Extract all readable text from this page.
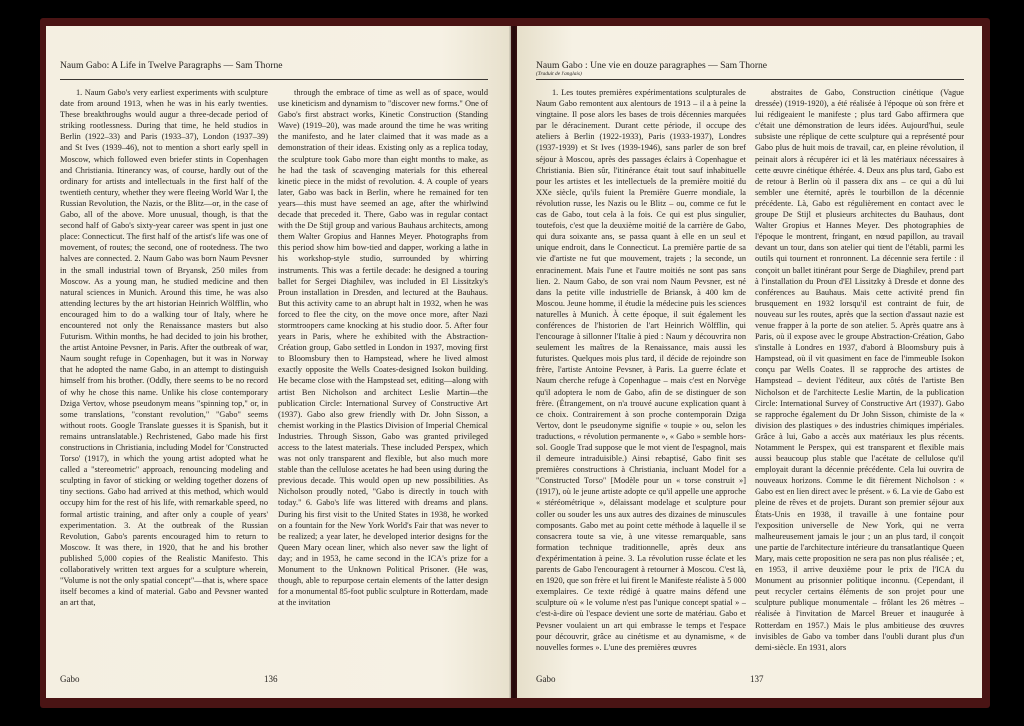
Naum Gabo: A Life in Twelve Paragraphs — Sam Thorne

1. Naum Gabo's very earliest experiments with sculpture date from around 1913, when he was in his early twenties. These breakthroughs would augur a three-decade period of striking rootlessness. During that time, he held studios in Berlin (1922–33) and Paris (1933–37), London (1937–39) and St Ives (1939–46), not to mention a short early spell in Moscow, which followed even briefer stints in Copenhagen and Christiania. Itinerancy was, of course, hardly out of the ordinary for artists and intellectuals in the first half of the twentieth century, whether they were fleeing World War I, the Russian Revolution, the Nazis, or the Blitz—or, in the case of Gabo, all of the above. More unusual, though, is that the second half of Gabo's sixty-year career was spent in just one place: Connecticut. The first half of the artist's life was one of movement, of routes; the second, one of rootedness. The two halves are connected. 2. Naum Gabo was born Naum Pevsner in the small industrial town of Bryansk, 250 miles from Moscow. As a young man, he studied medicine and then natural sciences in Munich. Around this time, he was also attending lectures by the art historian Heinrich Wölfflin, who encouraged him to do a walking tour of Italy, where he encountered not only the Renaissance masters but also Futurism. Within months, he had decided to join his brother, the artist Antoine Pevsner, in Paris. After the outbreak of war, Naum sought refuge in Copenhagen, but it was in Norway that he adopted the name Gabo, in an attempt to distinguish himself from his brother. (Oddly, there seems to be no record of why he chose this name. Unlike his close contemporary Dziga Vertov, whose pseudonym means "spinning top," or, in some translations, "constant revolution," "Gabo" seems without roots. Google Translate guesses it is Spanish, but it remains untranslatable.) Rechristened, Gabo made his first constructions in Christiania, including Model for 'Constructed Torso' (1917), in which the young artist adopted what he called a "stereometric" approach, renouncing modeling and sculpting in favor of sticking or welding together dozens of tiny sections. Gabo had arrived at this method, which would occupy him for the rest of his life, with remarkable speed, no formal artistic training, and after only a couple of years' experimentation. 3. At the outbreak of the Russian Revolution, Gabo's parents encouraged him to return to Moscow. It was there, in 1920, that he and his brother published 5,000 copies of the Realistic Manifesto. This collaboratively written text argues for a sculpture wherein, "Volume is not the only spatial concept"—that is, where space itself becomes a kind of material. Gabo and Pevsner wanted an art that,

through the embrace of time as well as of space, would use kineticism and dynamism to "discover new forms." One of Gabo's first abstract works, Kinetic Construction (Standing Wave) (1919–20), was made around the time he was writing the manifesto, and he later claimed that it was made as a demonstration of their ideas. Existing only as a replica today, the sculpture took Gabo more than eight months to make, as he had the task of scavenging materials for this ethereal kinetic piece in the midst of revolution. 4. A couple of years later, Gabo was back in Berlin, where he remained for ten years—this must have seemed an age, after the whirlwind decade that preceded it. There, Gabo was in regular contact with the De Stijl group and various Bauhaus architects, among them Walter Gropius and Hannes Meyer. Photographs from this period show him bow-tied and dapper, working a lathe in his workshop-style studio, surrounded by whirring instruments. This was a fertile decade: he designed a touring ballet for Sergei Diaghilev, was included in El Lissitzky's Proun installation in Dresden, and lectured at the Bauhaus. But this activity came to an abrupt halt in 1932, when he was forced to flee the city, on the move once more, after Nazi stormtroopers came knocking at his studio door. 5. After four years in Paris, where he exhibited with the Abstraction-Création group, Gabo settled in London in 1937, moving first to Bloomsbury then to Hampstead, where he lived almost exactly opposite the Wells Coates-designed Isokon building. He became close with the Hampstead set, editing—along with artist Ben Nicholson and architect Leslie Martin—the publication Circle: International Survey of Constructive Art (1937). Gabo also grew friendly with Dr. John Sisson, a chemist working in the Plastics Division of Imperial Chemical Industries. Through Sisson, Gabo was granted privileged access to the latest materials. These included Perspex, which was not only transparent and flexible, but also much more stable than the cellulose acetates he had been using during the previous decade. This would open up new possibilities. As Nicholson proudly noted, "Gabo is directly in touch with today." 6. Gabo's life was littered with dreams and plans. During his first visit to the United States in 1938, he worked on a fountain for the New York World's Fair that was never to be realized; a year later, he developed interior designs for the Queen Mary ocean liner, which also never saw the light of day; and in 1953, he came second in the ICA's prize for a Monument to the Unknown Political Prisoner. (He was, though, able to repurpose certain elements of the latter design for a monumental 85-foot public sculpture in Rotterdam, made at the invitation

Gabo	136
Naum Gabo : Une vie en douze paragraphes — Sam Thorne
(Traduit de l'anglais)

1. Les toutes premières expérimentations sculpturales de Naum Gabo remontent aux alentours de 1913 – il a à peine la vingtaine. Il pose alors les bases de trois décennies marquées par le déracinement. Durant cette période, il occupe des ateliers à Berlin (1922-1933), Paris (1933-1937), Londres (1937-1939) et St Ives (1939-1946), sans parler de son bref séjour à Moscou, après des passages éclairs à Copenhague et Christiania. Bien sûr, l'itinérance était tout sauf inhabituelle pour les artistes et les intellectuels de la première moitié du XXe siècle, qu'ils fuient la Première Guerre mondiale, la révolution russe, les Nazis ou le Blitz – ou, comme ce fut le cas de Gabo, tout cela à la fois. Ce qui est plus singulier, toutefois, c'est que la deuxième moitié de la carrière de Gabo, qui dura soixante ans, se passa quant à elle en un seul et unique endroit, dans le Connecticut. La première partie de sa vie d'artiste ne fut que mouvement, trajets ; la seconde, un enracinement. Mais l'une et l'autre moitiés ne sont pas sans lien. 2. Naum Gabo, de son vrai nom Naum Pevsner, est né dans la petite ville industrielle de Briansk, à 400 km de Moscou. Jeune homme, il étudie la médecine puis les sciences naturelles à Munich. À cette époque, il suit également les conférences de l'historien de l'art Heinrich Wölfflin, qui l'encourage à sillonner l'Italie à pied : Naum y découvrira non seulement les maîtres de la Renaissance, mais aussi les futuristes. Quelques mois plus tard, il décide de rejoindre son frère, l'artiste Antoine Pevsner, à Paris. La guerre éclate et Naum cherche refuge à Copenhague – mais c'est en Norvège qu'il adoptera le nom de Gabo, afin de se distinguer de son frère. (Étrangement, on n'a trouvé aucune explication quant à ce choix. Contrairement à son proche contemporain Dziga Vertov, dont le pseudonyme signifie « toupie » ou, selon les traductions, « révolution permanente », « Gabo » semble hors-sol. Google Trad suppose que le mot vient de l'espagnol, mais il demeure intraduisible.) Ainsi rebaptisé, Gabo finit ses premières constructions à Christiania, incluant Model for a "Constructed Torso" [Modèle pour un « torse construit »] (1917), où le jeune artiste adopte ce qu'il appelle une approche « stéréométrique », délaissant modelage et sculpture pour coller ou souder les uns aux autres des dizaines de minuscules composants. Gabo met au point cette méthode à laquelle il se consacrera toute sa vie, à une vitesse remarquable, sans formation technique traditionnelle, après deux ans d'expérimentation à peine. 3. La révolution russe éclate et les parents de Gabo l'encouragent à retourner à Moscou. C'est là, en 1920, que son frère et lui firent le Manifeste réaliste à 5 000 exemplaires. Ce texte rédigé à quatre mains défend une sculpture où « le volume n'est pas l'unique concept spatial » – c'est-à-dire où l'espace devient une sorte de matériau. Gabo et Pevsner voulaient un art qui embrasse le temps et l'espace pour découvrir, grâce au cinétisme et au dynamisme, « de nouvelles formes ». L'une des premières œuvres

abstraites de Gabo, Construction cinétique (Vague dressée) (1919-1920), a été réalisée à l'époque où son frère et lui rédigeaient le manifeste ; plus tard Gabo affirmera que c'était une démonstration de leurs idées. Aujourd'hui, seule subsiste une réplique de cette sculpture qui a représenté pour Gabo plus de huit mois de travail, car, en pleine révolution, il peinait alors à récupérer ici et là les matériaux nécessaires à cette œuvre cinétique éthérée. 4. Deux ans plus tard, Gabo est de retour à Berlin où il passera dix ans – ce qui a dû lui sembler une éternité, après le tourbillon de la décennie précédente. Là, Gabo est régulièrement en contact avec le groupe De Stijl et plusieurs architectes du Bauhaus, dont Walter Gropius et Hannes Meyer. Des photographies de l'époque le montrent, fringant, en nœud papillon, au travail devant un tour, dans son atelier qui tient de l'établi, parmi les outils qui tournent et ronronnent. La décennie sera fertile : il conçoit un ballet itinérant pour Serge de Diaghilev, prend part à l'installation du Proun d'El Lissitzky à Dresde et donne des conférences au Bauhaus. Mais cette activité prend fin brusquement en 1932 lorsqu'il est contraint de fuir, de nouveau sur les routes, après que la section d'assaut nazie est venue frapper à la porte de son atelier. 5. Après quatre ans à Paris, où il expose avec le groupe Abstraction-Création, Gabo s'installe à Londres en 1937, d'abord à Bloomsbury puis à Hampstead, où il vit quasiment en face de l'immeuble Isokon conçu par Wells Coates. Il se rapproche des artistes de Hampstead – devient l'éditeur, aux côtés de l'artiste Ben Nicholson et de l'architecte Leslie Martin, de la publication Circle: International Survey of Constructive Art (1937). Gabo se rapproche également du Dr John Sisson, chimiste de la « division des plastiques » des industries chimiques impériales. Grâce à lui, Gabo a accès aux matériaux les plus récents. Notamment le Perspex, qui est transparent et flexible mais aussi beaucoup plus stable que l'acétate de cellulose qu'il employait durant la décennie précédente. Cela lui ouvrira de nouveaux horizons. Comme le dit fièrement Nicholson : « Gabo est en lien direct avec le présent. » 6. La vie de Gabo est pleine de rêves et de projets. Durant son premier séjour aux États-Unis en 1938, il travaille à une fontaine pour l'exposition universelle de New York, qui ne verra malheureusement jamais le jour ; un an plus tard, il conçoit une partie de l'architecture intérieure du transatlantique Queen Mary, mais cette proposition ne sera pas non plus réalisée ; et, en 1953, il arrive deuxième pour le prix de l'ICA du Monument au prisonnier politique inconnu. (Cependant, il peut recycler certains éléments de son projet pour une sculpture publique monumentale – frôlant les 26 mètres – réalisée à l'invitation de Marcel Breuer et inaugurée à Rotterdam en 1957.) Mais le plus ambitieuse des œuvres invisibles de Gabo va tomber dans l'oubli durant plus d'un demi-siècle. En 1931, alors

Gabo	137
